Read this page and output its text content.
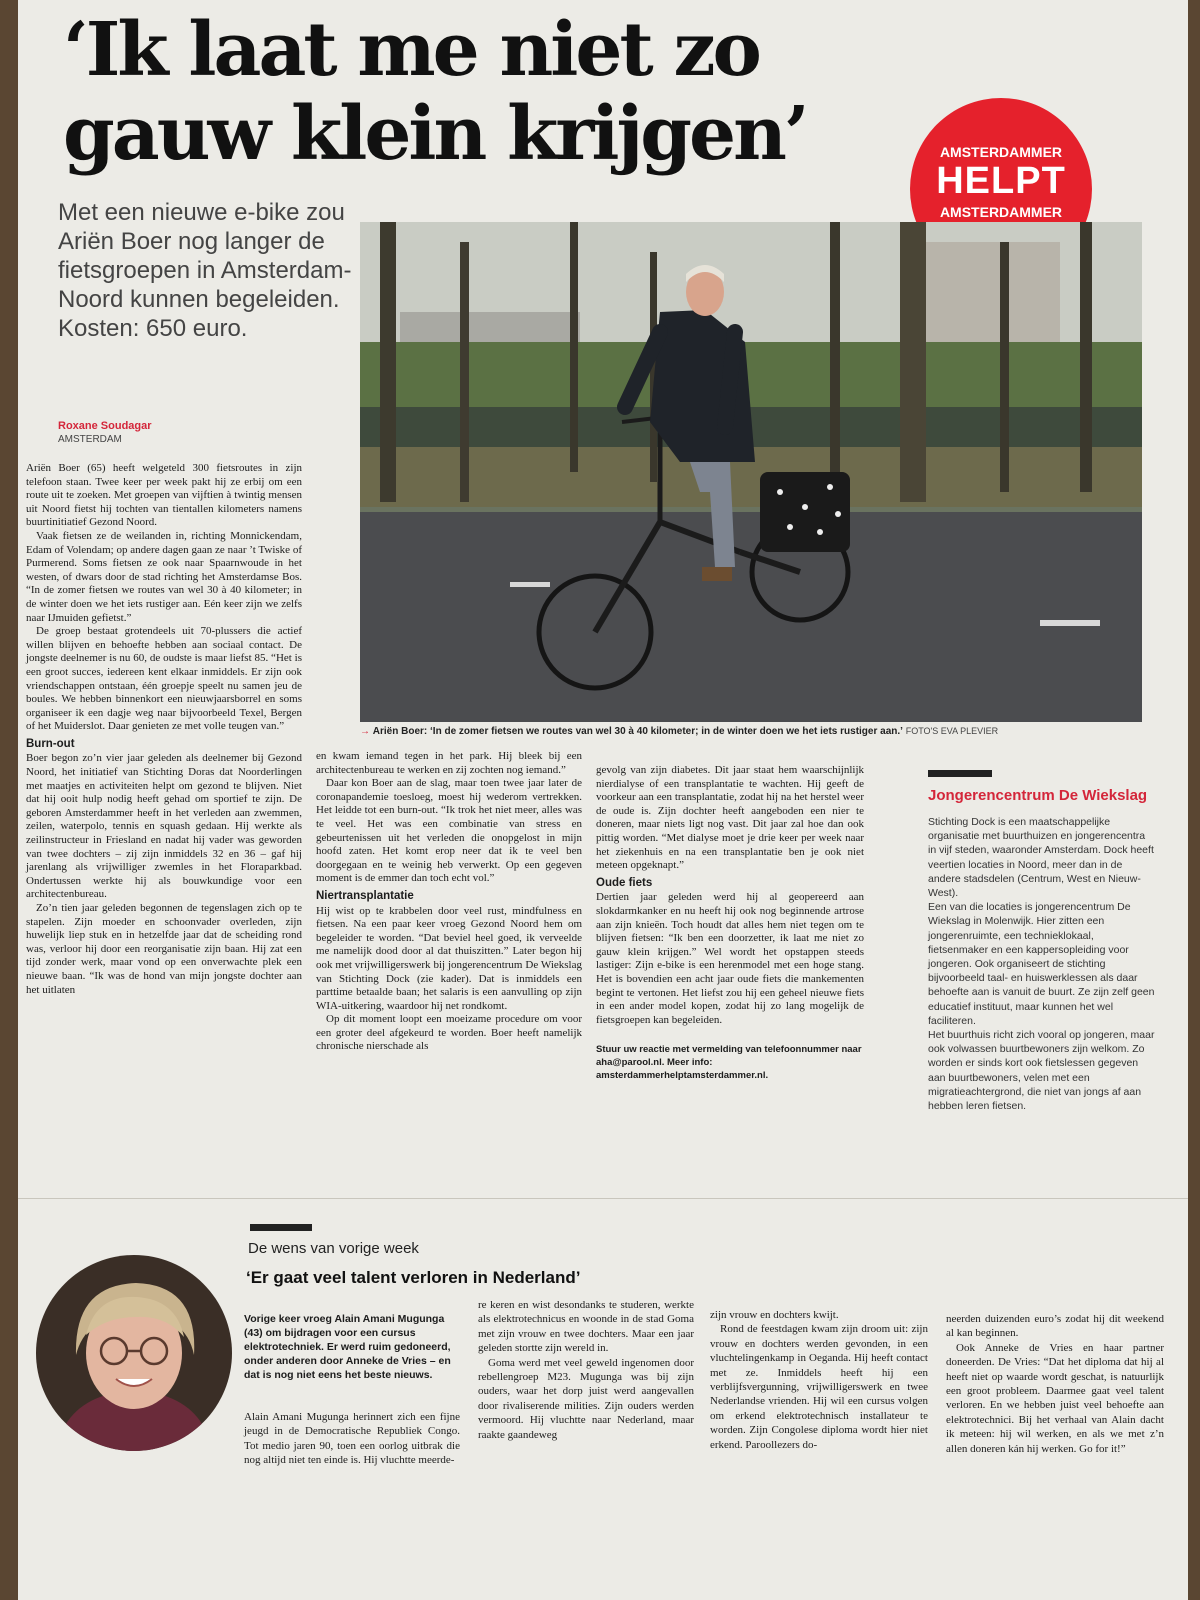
‘Ik laat me niet zo gauw klein krijgen’	AMSTERDAMMER
HELPT
AMSTERDAMMER

Met een nieuwe e-bike zou Ariën Boer nog langer de fietsgroepen in Amsterdam-Noord kunnen begeleiden. Kosten: 650 euro.

Roxane Soudagar
AMSTERDAM
→ Ariën Boer: ‘In de zomer fietsen we routes van wel 30 à 40 kilometer; in de winter doen we het iets rustiger aan.’ FOTO'S EVA PLEVIER

Ariën Boer (65) heeft welgeteld 300 fietsroutes in zijn telefoon staan. Twee keer per week pakt hij ze erbij om een route uit te zoeken. Met groepen van vijftien à twintig mensen uit Noord fietst hij tochten van tientallen kilometers namens buurtinitiatief Gezond Noord.

Vaak fietsen ze de weilanden in, richting Monnickendam, Edam of Volendam; op andere dagen gaan ze naar ’t Twiske of Purmerend. Soms fietsen ze ook naar Spaarnwoude in het westen, of dwars door de stad richting het Amsterdamse Bos. “In de zomer fietsen we routes van wel 30 à 40 kilometer; in de winter doen we het iets rustiger aan. Eén keer zijn we zelfs naar IJmuiden gefietst.”

De groep bestaat grotendeels uit 70-plussers die actief willen blijven en behoefte hebben aan sociaal contact. De jongste deelnemer is nu 60, de oudste is maar liefst 85. “Het is een groot succes, iedereen kent elkaar inmiddels. Er zijn ook vriendschappen ontstaan, één groepje speelt nu samen jeu de boules. We hebben binnenkort een nieuwjaarsborrel en soms organiseer ik een dagje weg naar bijvoorbeeld Texel, Bergen of het Muiderslot. Daar genieten ze met volle teugen van.”

Burn-out

Boer begon zo’n vier jaar geleden als deelnemer bij Gezond Noord, het initiatief van Stichting Doras dat Noorderlingen met maatjes en activiteiten helpt om gezond te blijven. Niet dat hij ooit hulp nodig heeft gehad om sportief te zijn. De geboren Amsterdammer heeft in het verleden aan zwemmen, zeilen, waterpolo, tennis en squash gedaan. Hij werkte als zeilinstructeur in Friesland en nadat hij vader was geworden van twee dochters – zij zijn inmiddels 32 en 36 – gaf hij jarenlang als vrijwilliger zwemles in het Floraparkbad. Ondertussen werkte hij als bouwkundige voor een architectenbureau.

Zo’n tien jaar geleden begonnen de tegenslagen zich op te stapelen. Zijn moeder en schoonvader overleden, zijn huwelijk liep stuk en in hetzelfde jaar dat de scheiding rond was, verloor hij door een reorganisatie zijn baan. Hij zat een tijd zonder werk, maar vond op een onverwachte plek een nieuwe baan. “Ik was de hond van mijn jongste dochter aan het uitlaten

en kwam iemand tegen in het park. Hij bleek bij een architectenbureau te werken en zij zochten nog iemand.”

Daar kon Boer aan de slag, maar toen twee jaar later de coronapandemie toesloeg, moest hij wederom vertrekken. Het leidde tot een burn-out. “Ik trok het niet meer, alles was te veel. Het was een combinatie van stress en gebeurtenissen uit het verleden die onopgelost in mijn hoofd zaten. Het komt erop neer dat ik te veel ben doorgegaan en te weinig heb verwerkt. Op een gegeven moment is de emmer dan toch echt vol.”

Niertransplantatie

Hij wist op te krabbelen door veel rust, mindfulness en fietsen. Na een paar keer vroeg Gezond Noord hem om begeleider te worden. “Dat beviel heel goed, ik verveelde me namelijk dood door al dat thuiszitten.” Later begon hij ook met vrijwilligerswerk bij jongerencentrum De Wiekslag van Stichting Dock (zie kader). Dat is inmiddels een parttime betaalde baan; het salaris is een aanvulling op zijn WIA-uitkering, waardoor hij net rondkomt.

Op dit moment loopt een moeizame procedure om voor een groter deel afgekeurd te worden. Boer heeft namelijk chronische nierschade als

gevolg van zijn diabetes. Dit jaar staat hem waarschijnlijk nierdialyse of een transplantatie te wachten. Hij geeft de voorkeur aan een transplantatie, zodat hij na het herstel weer de oude is. Zijn dochter heeft aangeboden een nier te doneren, maar niets ligt nog vast. Dit jaar zal hoe dan ook pittig worden. “Met dialyse moet je drie keer per week naar het ziekenhuis en na een transplantatie ben je ook niet meteen opgeknapt.”

Oude fiets

Dertien jaar geleden werd hij al geopereerd aan slokdarmkanker en nu heeft hij ook nog beginnende artrose aan zijn knieën. Toch houdt dat alles hem niet tegen om te blijven fietsen: “Ik ben een doorzetter, ik laat me niet zo gauw klein krijgen.” Wel wordt het opstappen steeds lastiger: Zijn e-bike is een herenmodel met een hoge stang. Het is bovendien een acht jaar oude fiets die mankementen begint te vertonen. Het liefst zou hij een geheel nieuwe fiets in een ander model kopen, zodat hij zo lang mogelijk de fietsgroepen kan begeleiden.

Stuur uw reactie met vermelding van telefoonnummer naar aha@parool.nl. Meer info: amsterdammerhelptamsterdammer.nl.
Jongerencentrum De Wiekslag

Stichting Dock is een maatschappelijke organisatie met buurthuizen en jongerencentra in vijf steden, waaronder Amsterdam. Dock heeft veertien locaties in Noord, meer dan in de andere stadsdelen (Centrum, West en Nieuw-West).

Een van die locaties is jongerencentrum De Wiekslag in Molenwijk. Hier zitten een jongerenruimte, een technieklokaal, fietsenmaker en een kappersopleiding voor jongeren. Ook organiseert de stichting bijvoorbeeld taal- en huiswerklessen als daar behoefte aan is vanuit de buurt. Ze zijn zelf geen educatief instituut, maar kunnen het wel faciliteren.

Het buurthuis richt zich vooral op jongeren, maar ook volwassen buurtbewoners zijn welkom. Zo worden er sinds kort ook fietslessen gegeven aan buurtbewoners, velen met een migratieachtergrond, die niet van jongs af aan hebben leren fietsen.

De wens van vorige week
‘Er gaat veel talent verloren in Nederland’
Vorige keer vroeg Alain Amani Mugunga (43) om bijdragen voor een cursus elektrotechniek. Er werd ruim gedoneerd, onder anderen door Anneke de Vries – en dat is nog niet eens het beste nieuws.

Alain Amani Mugunga herinnert zich een fijne jeugd in de Democratische Republiek Congo. Tot medio jaren 90, toen een oorlog uitbrak die nog altijd niet ten einde is. Hij vluchtte meerde-

re keren en wist desondanks te studeren, werkte als elektrotechnicus en woonde in de stad Goma met zijn vrouw en twee dochters. Maar een jaar geleden stortte zijn wereld in.

Goma werd met veel geweld ingenomen door rebellengroep M23. Mugunga was bij zijn ouders, waar het dorp juist werd aangevallen door rivaliserende milities. Zijn ouders werden vermoord. Hij vluchtte naar Nederland, maar raakte gaandeweg

zijn vrouw en dochters kwijt.

Rond de feestdagen kwam zijn droom uit: zijn vrouw en dochters werden gevonden, in een vluchtelingenkamp in Oeganda. Hij heeft contact met ze. Inmiddels heeft hij een verblijfsvergunning, vrijwilligerswerk en twee Nederlandse vrienden. Hij wil een cursus volgen om erkend elektrotechnisch installateur te worden. Zijn Congolese diploma wordt hier niet erkend. Paroollezers do-

neerden duizenden euro’s zodat hij dit weekend al kan beginnen.

Ook Anneke de Vries en haar partner doneerden. De Vries: “Dat het diploma dat hij al heeft niet op waarde wordt geschat, is natuurlijk een groot probleem. Daarmee gaat veel talent verloren. En we hebben juist veel behoefte aan elektrotechnici. Bij het verhaal van Alain dacht ik meteen: hij wil werken, en als we met z’n allen doneren kán hij werken. Go for it!”
